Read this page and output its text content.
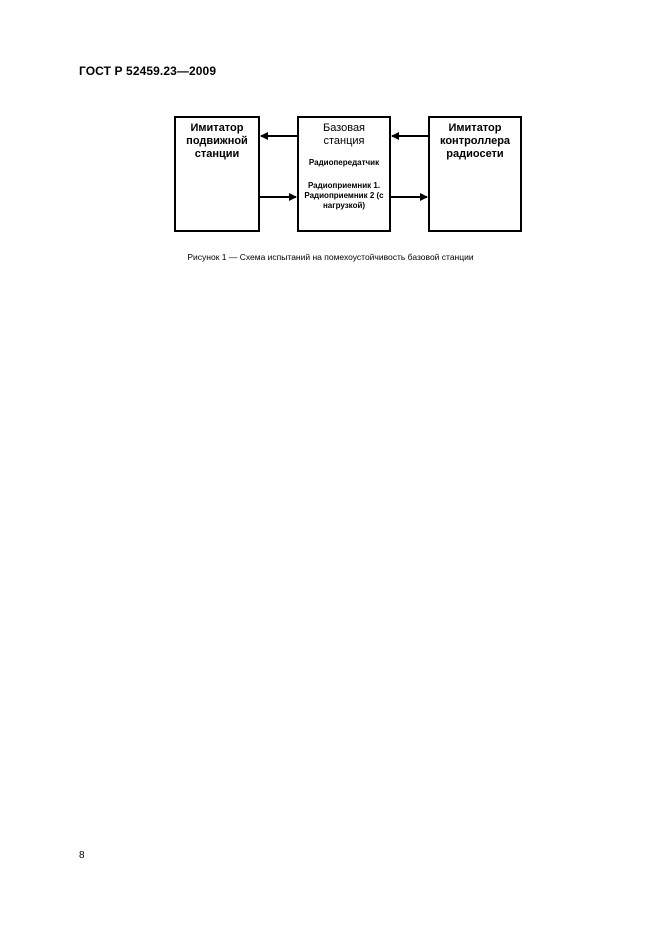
ГОСТ Р 52459.23—2009

Имитатор подвижной станции
Базовая станция
Радиопередатчик
Радиоприемник 1. Радиоприемник 2 (с нагрузкой)
Имитатор контроллера радиосети

Рисунок 1 — Схема испытаний на помехоустойчивость базовой станции

8
